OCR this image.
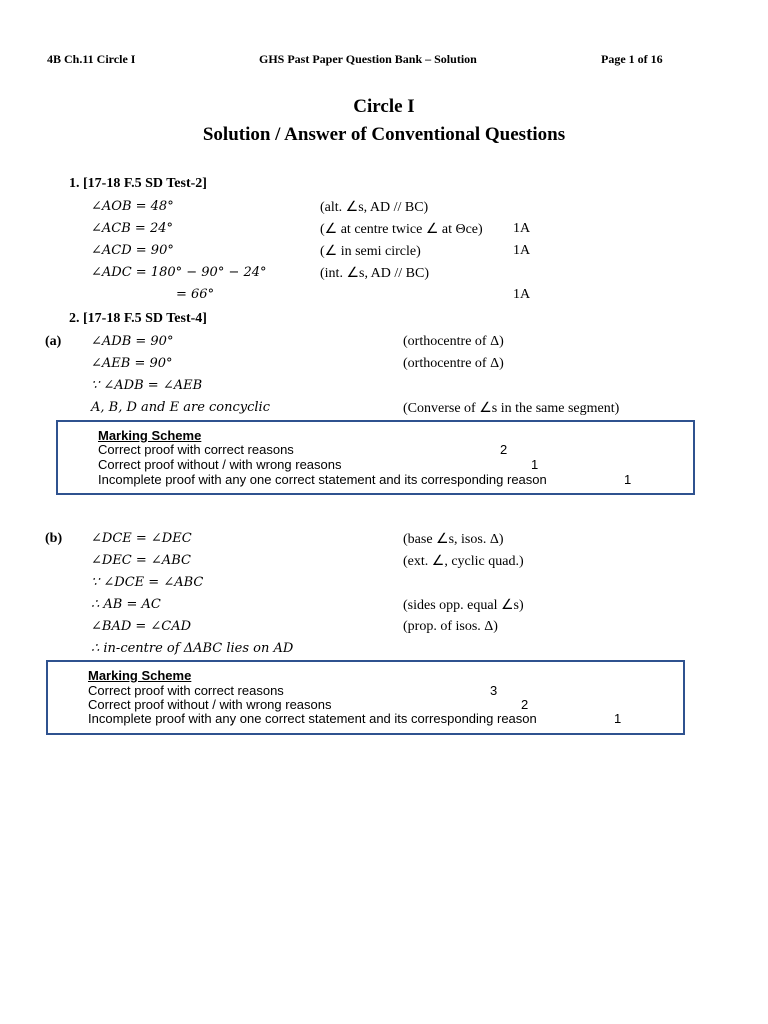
4B Ch.11 Circle I	GHS Past Paper Question Bank – Solution	Page 1 of 16
Circle I
Solution / Answer of Conventional Questions
1. [17-18 F.5 SD Test-2]
∠AOB = 48°	(alt. ∠s, AD // BC)
∠ACB = 24°	(∠ at centre twice ∠ at Θce) 1A
∠ACD = 90°	(∠ in semi circle)	1A
∠ADC = 180° − 90° − 24°	(int. ∠s, AD // BC)
= 66°	1A
2. [17-18 F.5 SD Test-4]
(a) ∠ADB = 90°	(orthocentre of Δ)
∠AEB = 90°	(orthocentre of Δ)
∵ ∠ADB = ∠AEB
A, B, D and E are concyclic	(Converse of ∠s in the same segment)
Marking Scheme
Correct proof with correct reasons	2
Correct proof without / with wrong reasons	1
Incomplete proof with any one correct statement and its corresponding reason	1
(b) ∠DCE = ∠DEC	(base ∠s, isos. Δ)
∠DEC = ∠ABC	(ext. ∠, cyclic quad.)
∵ ∠DCE = ∠ABC
∴ AB = AC	(sides opp. equal ∠s)
∠BAD = ∠CAD	(prop. of isos. Δ)
∴ in-centre of ΔABC lies on AD
Marking Scheme
Correct proof with correct reasons	3
Correct proof without / with wrong reasons	2
Incomplete proof with any one correct statement and its corresponding reason	1
